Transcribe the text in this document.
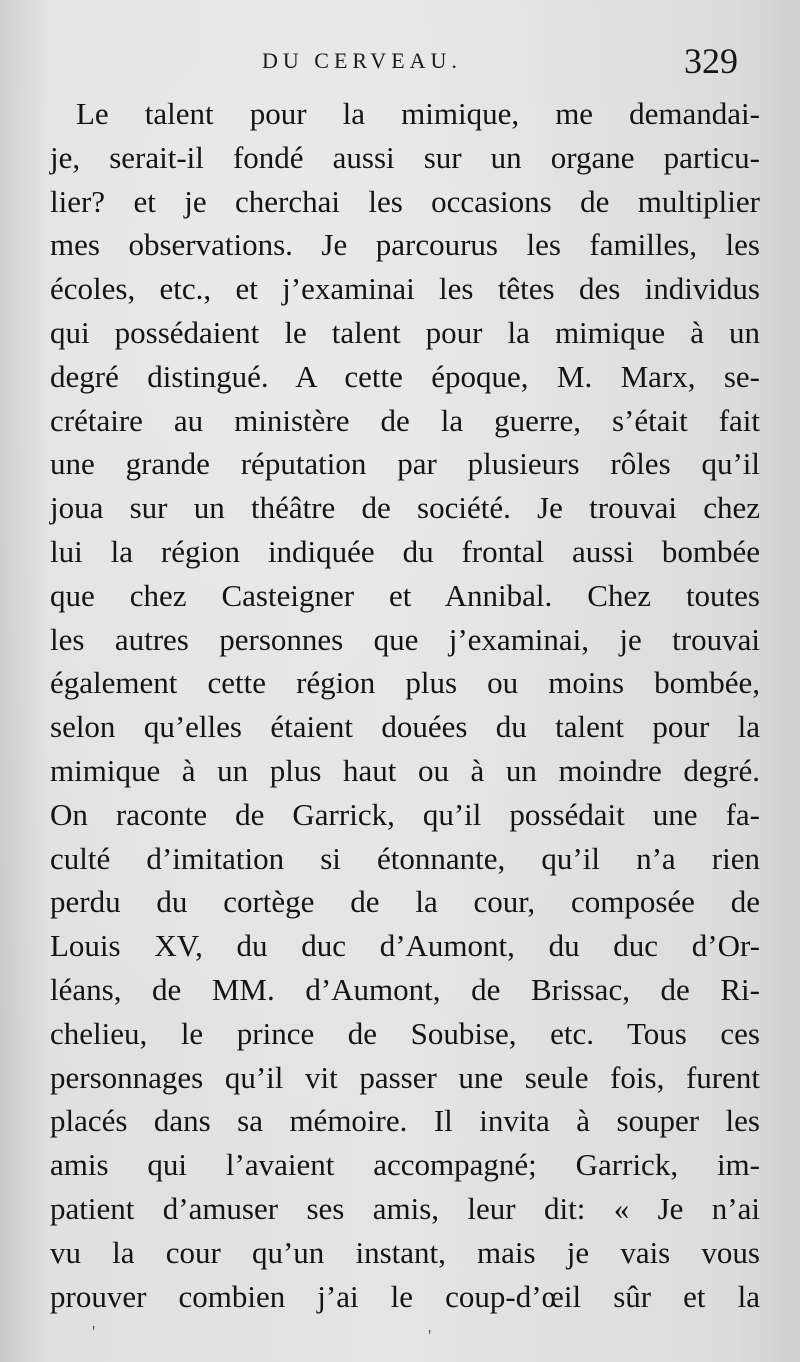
DU CERVEAU.	329
Le talent pour la mimique, me demandai-
je, serait-il fondé aussi sur un organe particu-
lier? et je cherchai les occasions de multiplier
mes observations. Je parcourus les familles, les
écoles, etc., et j’examinai les têtes des individus
qui possédaient le talent pour la mimique à un
degré distingué. A cette époque, M. Marx, se-
crétaire au ministère de la guerre, s’était fait
une grande réputation par plusieurs rôles qu’il
joua sur un théâtre de société. Je trouvai chez
lui la région indiquée du frontal aussi bombée
que chez Casteigner et Annibal. Chez toutes
les autres personnes que j’examinai, je trouvai
également cette région plus ou moins bombée,
selon qu’elles étaient douées du talent pour la
mimique à un plus haut ou à un moindre degré.
On raconte de Garrick, qu’il possédait une fa-
culté d’imitation si étonnante, qu’il n’a rien
perdu du cortège de la cour, composée de
Louis XV, du duc d’Aumont, du duc d’Or-
léans, de MM. d’Aumont, de Brissac, de Ri-
chelieu, le prince de Soubise, etc. Tous ces
personnages qu’il vit passer une seule fois, furent
placés dans sa mémoire. Il invita à souper les
amis qui l’avaient accompagné; Garrick, im-
patient d’amuser ses amis, leur dit: « Je n’ai
vu la cour qu’un instant, mais je vais vous
prouver combien j’ai le coup-d’œil sûr et la
'	'
